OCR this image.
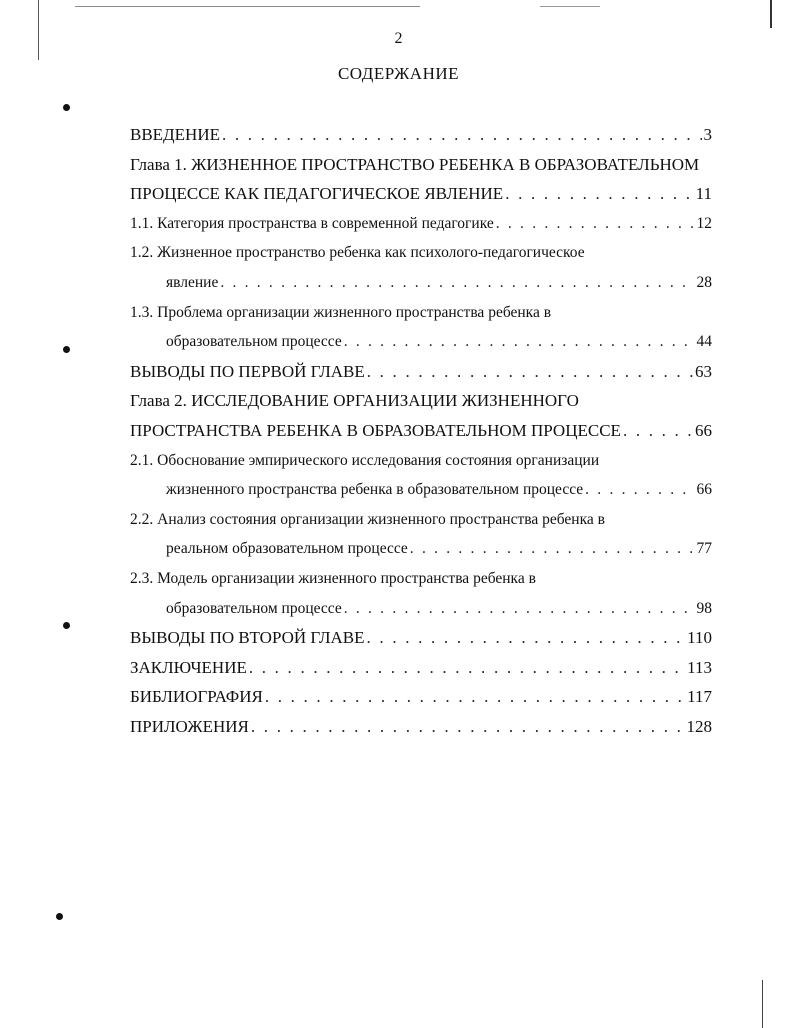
2
СОДЕРЖАНИЕ
ВВЕДЕНИЕ . . .	3
Глава 1. ЖИЗНЕННОЕ ПРОСТРАНСТВО РЕБЕНКА В ОБРАЗОВАТЕЛЬНОМ
ПРОЦЕССЕ КАК ПЕДАГОГИЧЕСКОЕ ЯВЛЕНИЕ . . .	11
1.1. Категория пространства в современной педагогике . . .	12
1.2. Жизненное пространство ребенка как психолого-педагогическое
явление . . .	28
1.3. Проблема организации жизненного пространства ребенка в
образовательном процессе . . .	44
ВЫВОДЫ ПО ПЕРВОЙ ГЛАВЕ . . .	63
Глава 2. ИССЛЕДОВАНИЕ ОРГАНИЗАЦИИ ЖИЗНЕННОГО
ПРОСТРАНСТВА РЕБЕНКА В ОБРАЗОВАТЕЛЬНОМ ПРОЦЕССЕ . . .	66
2.1. Обоснование эмпирического исследования состояния организации
жизненного пространства ребенка в образовательном процессе . . .	66
2.2. Анализ состояния организации жизненного пространства ребенка в
реальном образовательном процессе . . .	77
2.3. Модель организации жизненного пространства ребенка в
образовательном процессе . . .	98
ВЫВОДЫ ПО ВТОРОЙ ГЛАВЕ . . .	110
ЗАКЛЮЧЕНИЕ . . .	113
БИБЛИОГРАФИЯ . . .	117
ПРИЛОЖЕНИЯ . . .	128
